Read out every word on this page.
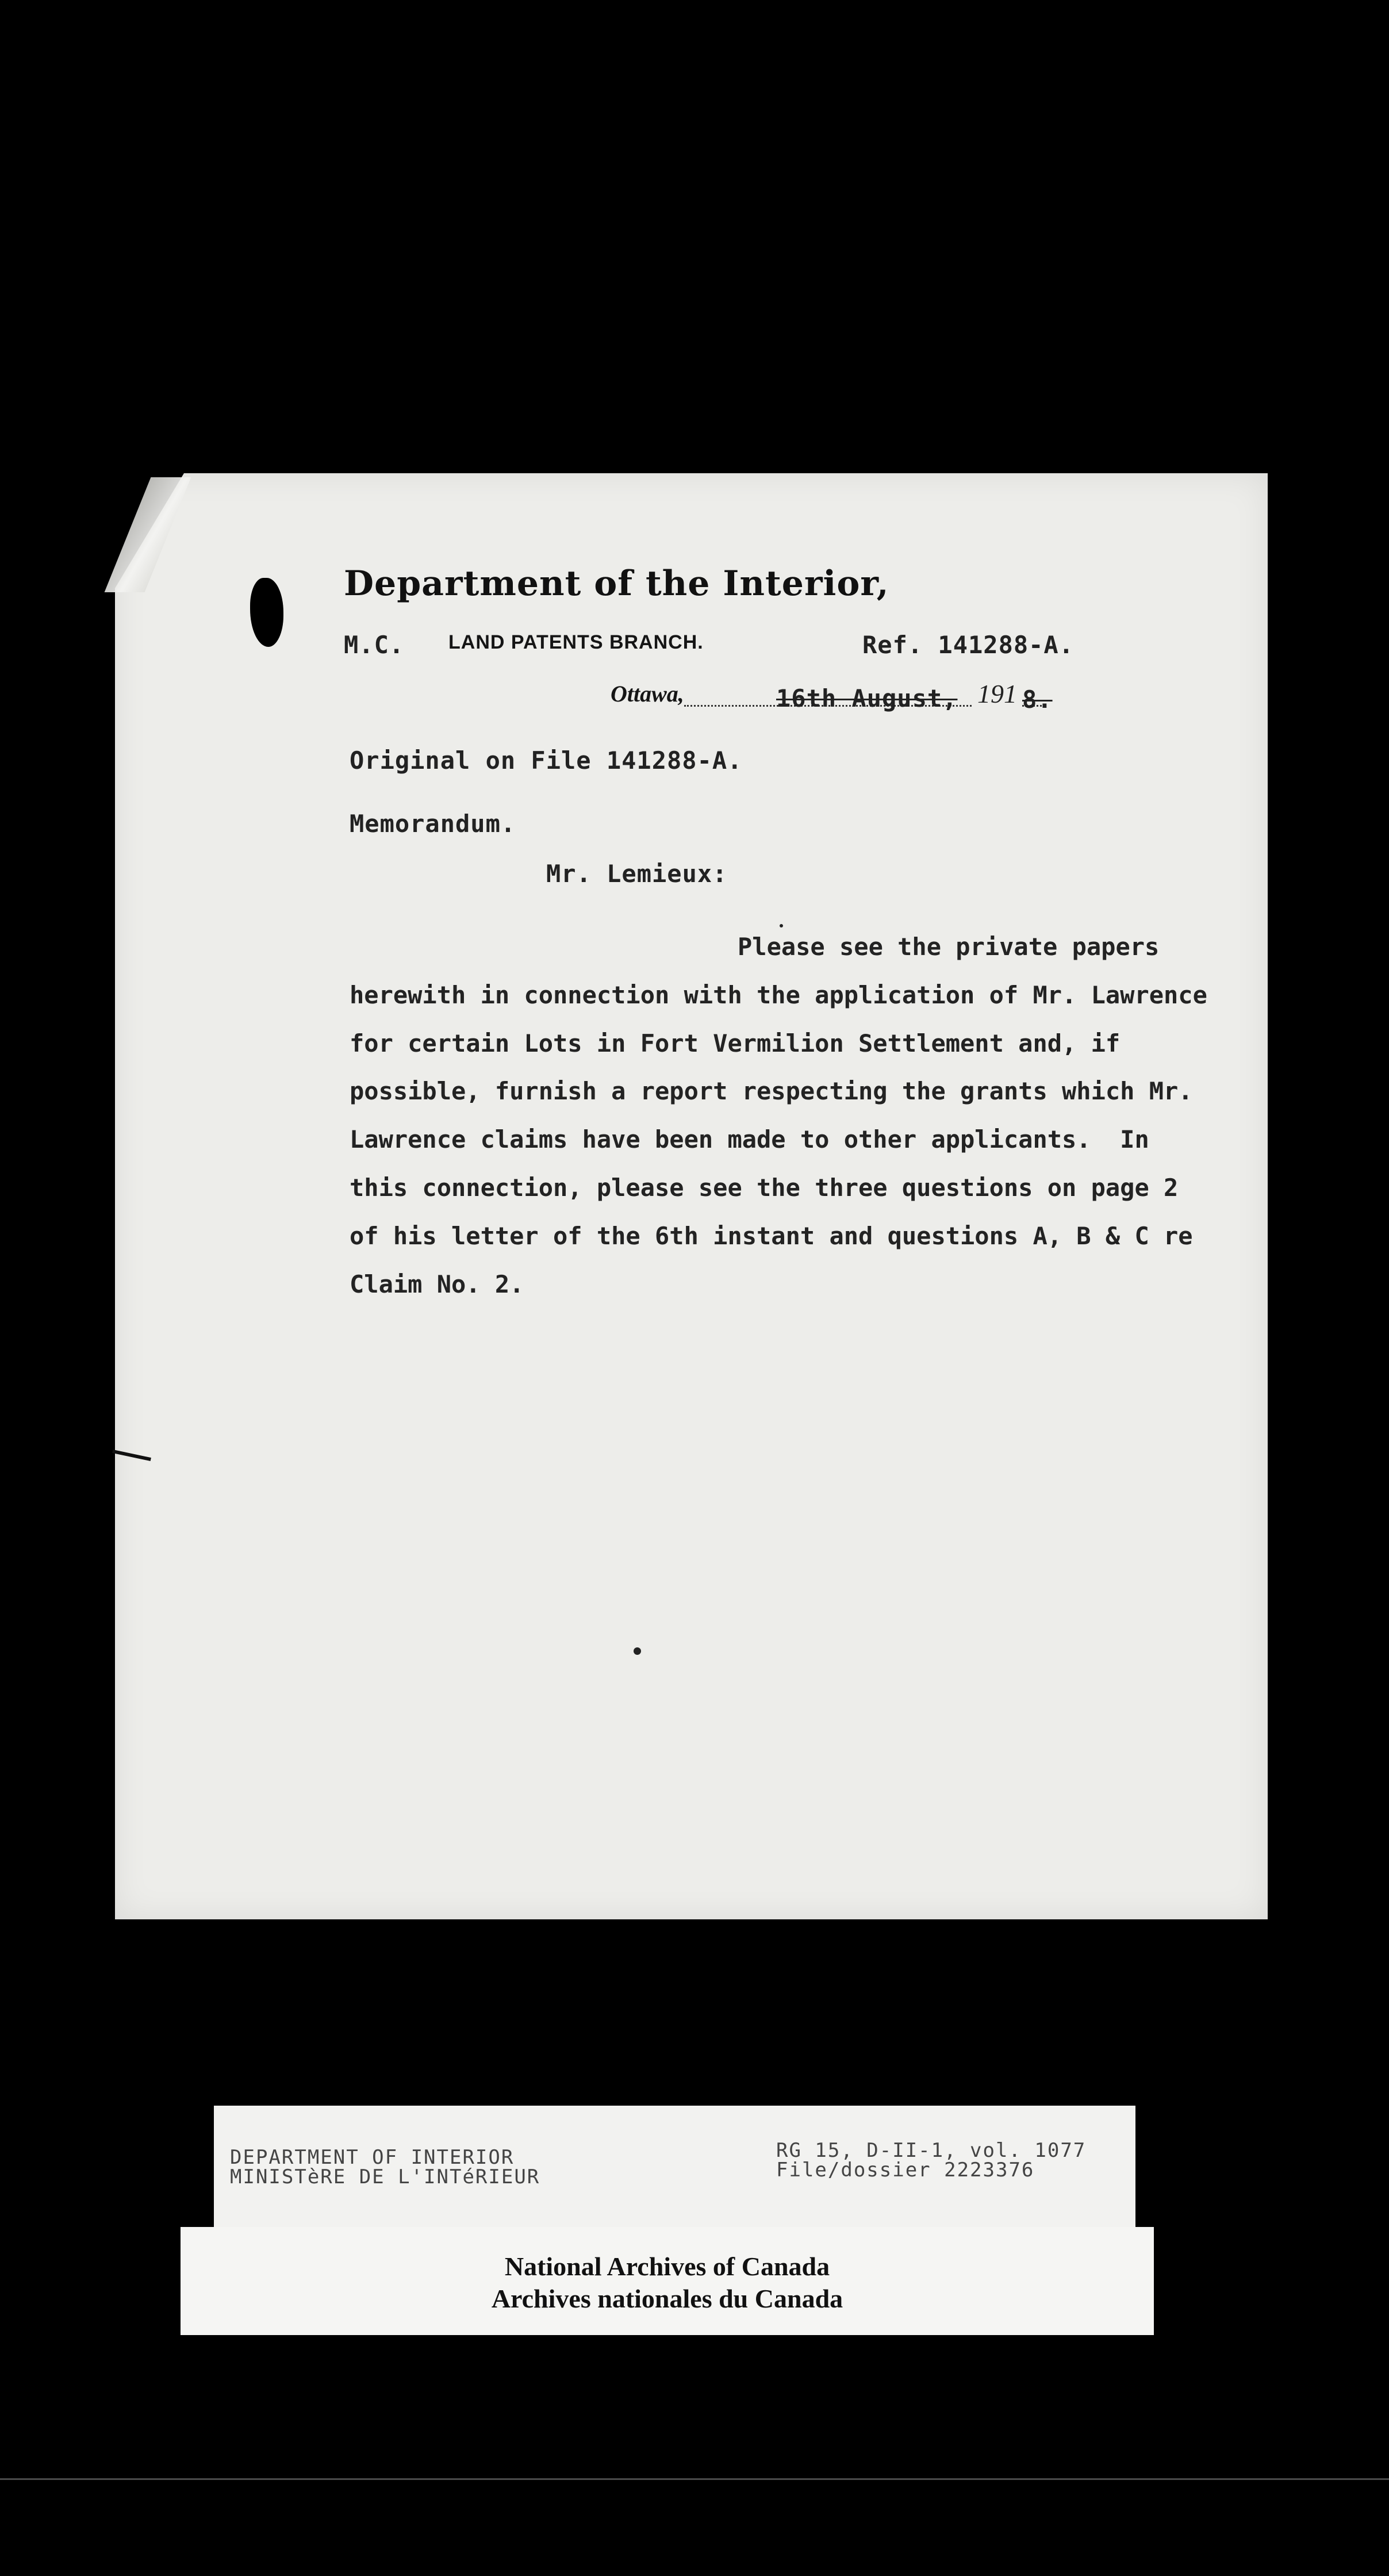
Department of the Interior,
M.C. LAND PATENTS BRANCH.	Ref. 141288-A.
Ottawa,	16th August, 191 8.
Original on File 141288-A.
Memorandum.
Mr. Lemieux:
Please see the private papers
herewith in connection with the application of Mr. Lawrence
for certain Lots in Fort Vermilion Settlement and, if
possible, furnish a report respecting the grants which Mr.
Lawrence claims have been made to other applicants.  In
this connection, please see the three questions on page 2
of his letter of the 6th instant and questions A, B & C re
Claim No. 2.
DEPARTMENT OF INTERIOR
MINISTèRE DE L'INTéRIEUR
RG 15, D-II-1, vol. 1077
File/dossier 2223376
National Archives of Canada
Archives nationales du Canada
